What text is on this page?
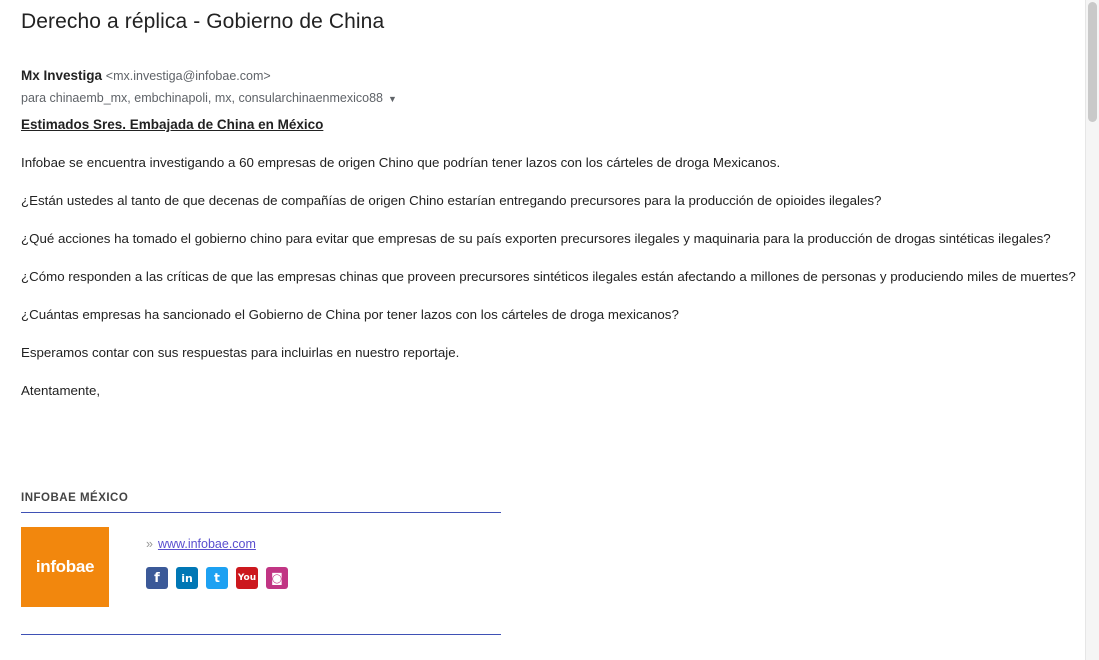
Derecho a réplica - Gobierno de China
Mx Investiga <mx.investiga@infobae.com>
para chinaemb_mx, embchinapoli, mx, consularchinaenmexico88 ▼

Estimados Sres. Embajada de China en México

Infobae se encuentra investigando a 60 empresas de origen Chino que podrían tener lazos con los cárteles de droga Mexicanos.

¿Están ustedes al tanto de que decenas de compañías de origen Chino estarían entregando precursores para la producción de opioides ilegales?

¿Qué acciones ha tomado el gobierno chino para evitar que empresas de su país exporten precursores ilegales y maquinaria para la producción de drogas sintéticas ilegales?

¿Cómo responden a las críticas de que las empresas chinas que proveen precursores sintéticos ilegales están afectando a millones de personas y produciendo miles de muertes?

¿Cuántas empresas ha sancionado el Gobierno de China por tener lazos con los cárteles de droga mexicanos?

Esperamos contar con sus respuestas para incluirlas en nuestro reportaje.

Atentamente,

INFOBAE MÉXICO
infobae
» www.infobae.com
f	in	t	You	◙
